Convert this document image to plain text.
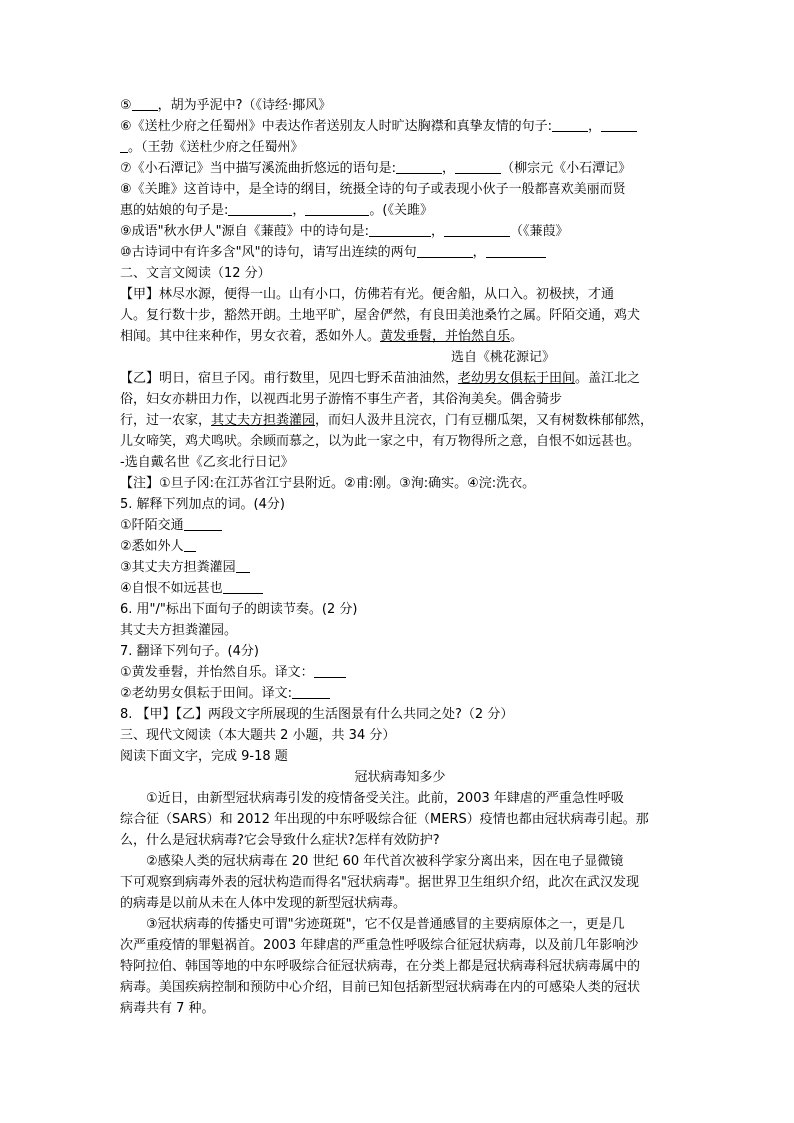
⑤ ，胡为乎泥中?（《诗经·揶风》
⑥《送杜少府之任蜀州》中表达作者送别友人时旷达胸襟和真挚友情的句子:	，
。（王勃《送杜少府之任蜀州》
⑦《小石潭记》当中描写溪流曲折悠远的语句是:	，	（柳宗元《小石潭记》
⑧《关雎》这首诗中，是全诗的纲目，统摄全诗的句子或表现小伙子一般都喜欢美丽而贤
惠的姑娘的句子是:	，	。(《关雎》
⑨成语"秋水伊人"源自《蒹葭》中的诗句是:	，	（《蒹葭》
⑩古诗词中有许多含"风"的诗句，请写出连续的两句	，
二、文言文阅读（12 分）
【甲】林尽水源，便得一山。山有小口，仿佛若有光。便舍船，从口入。初极挟，才通
人。复行数十步，豁然开朗。土地平旷，屋舍俨然，有良田美池桑竹之属。阡陌交通，鸡犬
相闻。其中往来种作，男女衣着，悉如外人。黄发垂髫，并怡然自乐。
选自《桃花源记》
【乙】明日，宿旦子冈。甫行数里，见四七野禾苗油油然，老幼男女俱耘于田间。盖江北之
俗，妇女亦耕田力作，以视西北男子游惰不事生产者，其俗洵美矣。偶舍骑步
行，过一农家，其丈夫方担粪灌园，而妇人汲井且浣衣，门有豆棚瓜架，又有树数株郁郁然，
儿女啼笑，鸡犬鸣吠。余顾而慕之，以为此一家之中，有万物得所之意，自恨不如远甚也。
-选自戴名世《乙亥北行日记》
【注】①旦子冈:在江苏省江宁县附近。②甫:刚。③洵:确实。④浣:洗衣。
5. 解释下列加点的词。(4分)
①阡陌交通
②悉如外人
③其丈夫方担粪灌园
④自恨不如远甚也
6. 用"/"标出下面句子的朗读节奏。(2 分)
其丈夫方担粪灌园。
7. 翻译下列句子。(4分)
①黄发垂髫，并怡然自乐。译文：
②老幼男女俱耘于田间。译文:
8. 【甲】【乙】两段文字所展现的生活图景有什么共同之处?（2 分）
三、现代文阅读（本大题共 2 小题，共 34 分）
阅读下面文字，完成 9-18 题
冠状病毒知多少
①近日，由新型冠状病毒引发的疫情备受关注。此前，2003 年肆虐的严重急性呼吸
综合征（SARS）和 2012 年出现的中东呼吸综合征（MERS）疫情也都由冠状病毒引起。那
么，什么是冠状病毒?它会导致什么症状?怎样有效防护?
②感染人类的冠状病毒在 20 世纪 60 年代首次被科学家分离出来，因在电子显微镜
下可观察到病毒外表的冠状构造而得名"冠状病毒"。据世界卫生组织介绍，此次在武汉发现
的病毒是以前从未在人体中发现的新型冠状病毒。
③冠状病毒的传播史可谓"劣迹斑斑"，它不仅是普通感冒的主要病原体之一，更是几
次严重疫情的罪魁祸首。2003 年肆虐的严重急性呼吸综合征冠状病毒，以及前几年影响沙
特阿拉伯、韩国等地的中东呼吸综合征冠状病毒，在分类上都是冠状病毒科冠状病毒属中的
病毒。美国疾病控制和预防中心介绍，目前已知包括新型冠状病毒在内的可感染人类的冠状
病毒共有 7 种。
